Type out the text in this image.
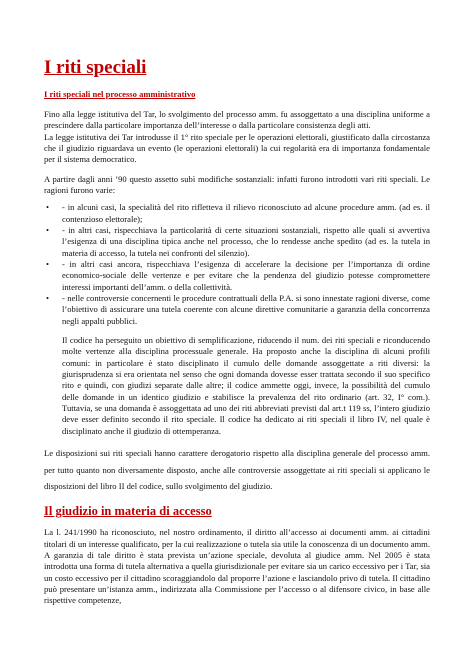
I riti speciali
I riti speciali nel processo amministrativo

Fino alla legge istitutiva del Tar, lo svolgimento del processo amm. fu assoggettato a una disciplina uniforme a prescindere dalla particolare importanza dell’interesse o dalla particolare consistenza degli atti.

La legge istitutiva dei Tar introdusse il 1° rito speciale per le operazioni elettorali, giustificato dalla circostanza che il giudizio riguardava un evento (le operazioni elettorali) la cui regolarità era di importanza fondamentale per il sistema democratico.

A partire dagli anni ’90 questo assetto subì modifiche sostanziali: infatti furono introdotti vari riti speciali. Le ragioni furono varie:

• - in alcuni casi, la specialità del rito rifletteva il rilievo riconosciuto ad alcune procedure amm. (ad es. il contenzioso elettorale);
• - in altri casi, rispecchiava la particolarità di certe situazioni sostanziali, rispetto alle quali si avvertiva l’esigenza di una disciplina tipica anche nel processo, che lo rendesse anche spedito (ad es. la tutela in materia di accesso, la tutela nei confronti del silenzio).
• - in altri casi ancora, rispecchiava l’esigenza di accelerare la decisione per l’importanza di ordine economico-sociale delle vertenze e per evitare che la pendenza del giudizio potesse compromettere interessi importanti dell’amm. o della collettività.
• - nelle controversie concernenti le procedure contrattuali della P.A. si sono innestate ragioni diverse, come l’obiettivo di assicurare una tutela coerente con alcune direttive comunitarie a garanzia della concorrenza negli appalti pubblici.

Il codice ha perseguito un obiettivo di semplificazione, riducendo il num. dei riti speciali e riconducendo molte vertenze alla disciplina processuale generale. Ha proposto anche la disciplina di alcuni profili comuni: in particolare è stato disciplinato il cumulo delle domande assoggettate a riti diversi: la giurisprudenza si era orientata nel senso che ogni domanda dovesse esser trattata secondo il suo specifico rito e quindi, con giudizi separate dalle altre; il codice ammette oggi, invece, la possibilità del cumulo delle domande in un identico giudizio e stabilisce la prevalenza del rito ordinario (art. 32, I° com.). Tuttavia, se una domanda è assoggettata ad uno dei riti abbreviati previsti dal art.t 119 ss, l’intero giudizio deve esser definito secondo il rito speciale. Il codice ha dedicato ai riti speciali il libro IV, nel quale è disciplinato anche il giudizio di ottemperanza.

Le disposizioni sui riti speciali hanno carattere derogatorio rispetto alla disciplina generale del processo amm. per tutto quanto non diversamente disposto, anche alle controversie assoggettate ai riti speciali si applicano le disposizioni del libro II del codice, sullo svolgimento del giudizio.

Il giudizio in materia di accesso

La l. 241/1990 ha riconosciuto, nel nostro ordinamento, il diritto all’accesso ai documenti amm. ai cittadini titolari di un interesse qualificato, per la cui realizzazione o tutela sia utile la conoscenza di un documento amm. A garanzia di tale diritto è stata prevista un’azione speciale, devoluta al giudice amm. Nel 2005 è stata introdotta una forma di tutela alternativa a quella giurisdizionale per evitare sia un carico eccessivo per i Tar, sia un costo eccessivo per il cittadino scoraggiandolo dal proporre l’azione e lasciandolo privo di tutela. Il cittadino può presentare un’istanza amm., indirizzata alla Commissione per l’accesso o al difensore civico, in base alle rispettive competenze,
